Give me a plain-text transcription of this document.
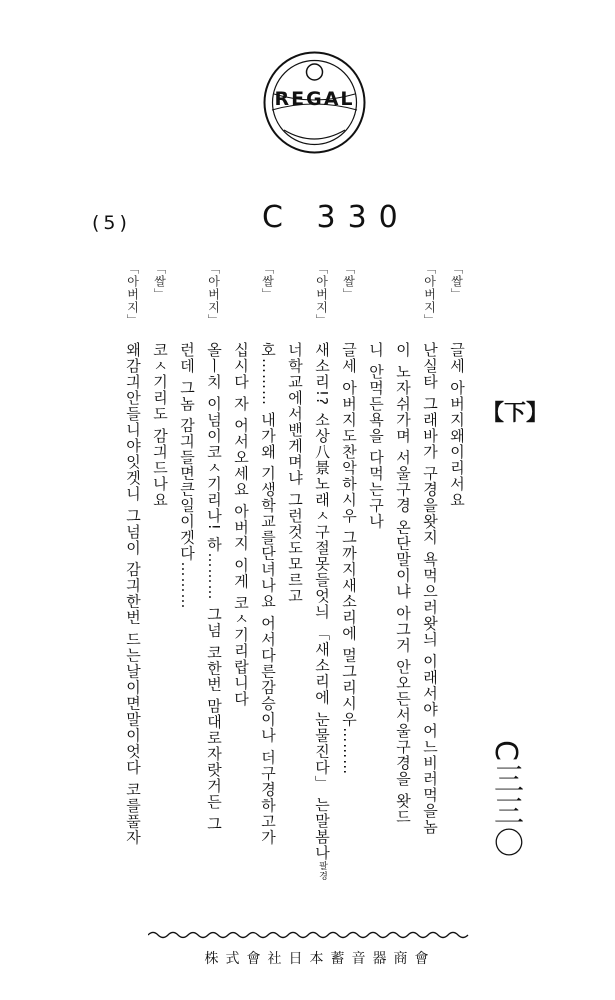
REGAL
(5)	C 330
【下】
C三三〇
「쌀」
글세 아버지왜이리서요
「아버지」
난실타 그래바가 구경을왓지 욕먹으러왓늬 이래서야 어느비러먹을놈
이 노자쉬가며 서울구경 온단말이냐 아그거 안오든서울구경을 왓드
니 안먹든욕을 다먹는구나
「쌀」
글세 아버지도찬악하시우 그까지새소리에 멀그리시우………
「아버지」
새소리!? 소상八景노래ㅅ구절못들엇늬 「새소리에 눈물진다」 는말봄나팔경
너학교에서밴게며냐 그런것도모르고
「쌀」
호……… 내가왜 기생학교를단녀나요 어서다른감승이나 더구경하고가
십시다 자 어서오세요 아버지 이게 코ㅅ기리랍니다
「아버지」
올ㅣ치 이넘이코ㅅ기리나! 하……… 그넘 코한번 맘대로자랏거든 그
런데 그놈 감긔들면큰일이겟다………
「쌀」
코ㅅ기리도 감긔드나요
「아버지」
왜감긔안들니야잇겟니 그넘이 감긔한번 드는날이면말이엇다 코를풀자
株式會社日本蓄音器商會
